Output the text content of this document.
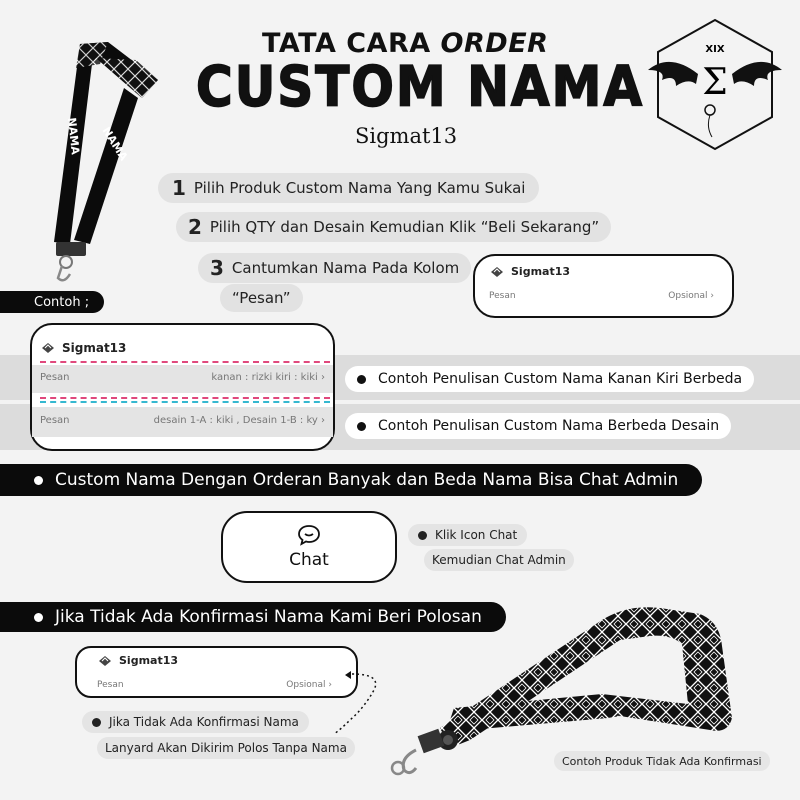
NAMA NAMA
TATA CARA ORDER
CUSTOM NAMA
Sigmat13
XIX
Σ
1 Pilih Produk Custom Nama Yang Kamu Sukai
2 Pilih QTY dan Desain Kemudian Klik “Beli Sekarang”
3 Cantumkan Nama Pada Kolom
“Pesan”
Sigmat13
Pesan	Opsional ›
Contoh ;
Sigmat13
Pesan	kanan : rizki kiri : kiki ›
Pesan	desain 1-A : kiki , Desain 1-B : ky ›
Contoh Penulisan Custom Nama Kanan Kiri Berbeda
Contoh Penulisan Custom Nama Berbeda Desain
Custom Nama Dengan Orderan Banyak dan Beda Nama Bisa Chat Admin
Chat
Klik Icon Chat
Kemudian Chat Admin
Jika Tidak Ada Konfirmasi Nama Kami Beri Polosan
Sigmat13
Pesan	Opsional ›
Jika Tidak Ada Konfirmasi Nama
Lanyard Akan Dikirim Polos Tanpa Nama
Contoh Produk Tidak Ada Konfirmasi
